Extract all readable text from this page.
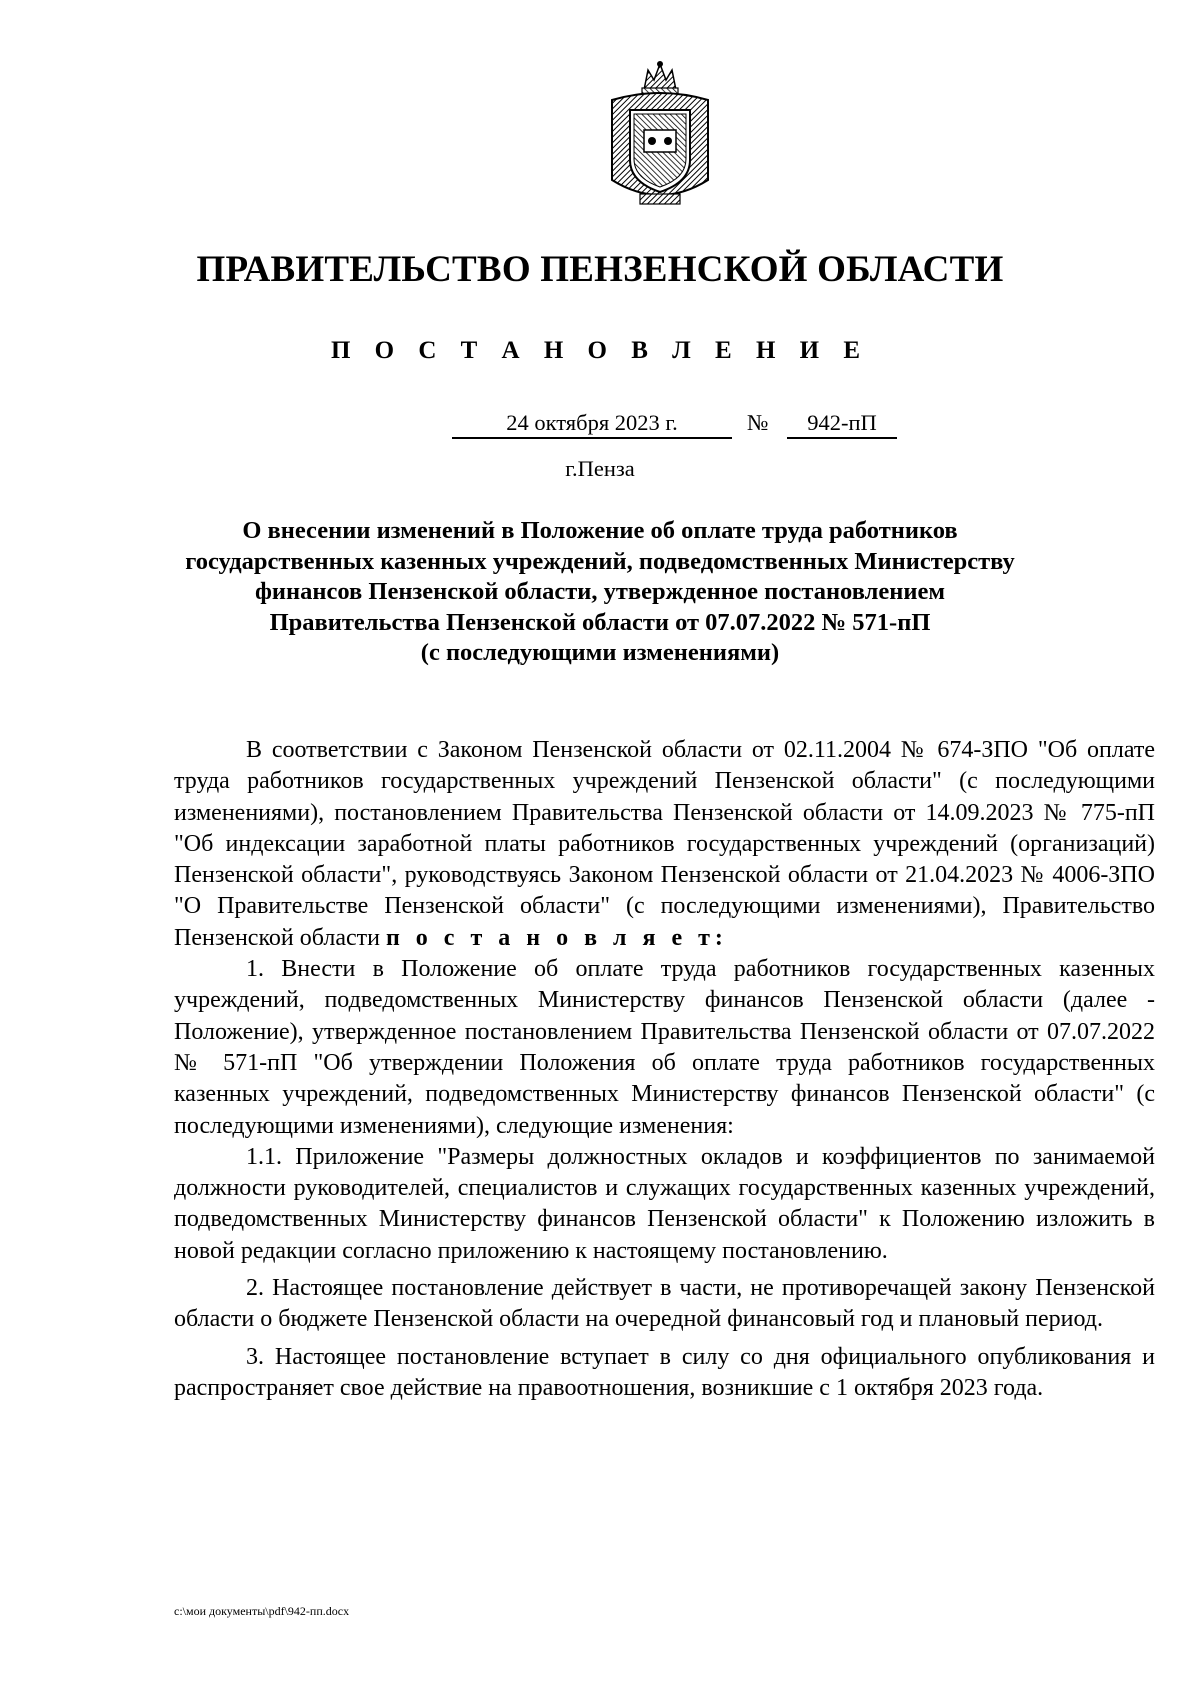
ПРАВИТЕЛЬСТВО ПЕНЗЕНСКОЙ ОБЛАСТИ
П О С Т А Н О В Л Е Н И Е
24 октября 2023 г.	№	942-пП
г.Пенза
О внесении изменений в Положение об оплате труда работников
государственных казенных учреждений, подведомственных Министерству
финансов Пензенской области, утвержденное постановлением
Правительства Пензенской области от 07.07.2022 № 571-пП
(с последующими изменениями)

В соответствии с Законом Пензенской области от 02.11.2004 № 674-ЗПО "Об оплате труда работников государственных учреждений Пензенской области" (с последующими изменениями), постановлением Правительства Пензенской области от 14.09.2023 № 775-пП "Об индексации заработной платы работников государственных учреждений (организаций) Пензенской области", руководствуясь Законом Пензенской области от 21.04.2023 № 4006-ЗПО "О Правительстве Пензенской области" (с последующими изменениями), Правительство Пензенской области п о с т а н о в л я е т:

1. Внести в Положение об оплате труда работников государственных казенных учреждений, подведомственных Министерству финансов Пензенской области (далее - Положение), утвержденное постановлением Правительства Пензенской области от 07.07.2022 № 571-пП "Об утверждении Положения об оплате труда работников государственных казенных учреждений, подведомственных Министерству финансов Пензенской области" (с последующими изменениями), следующие изменения:

1.1. Приложение "Размеры должностных окладов и коэффициентов по занимаемой должности руководителей, специалистов и служащих государственных казенных учреждений, подведомственных Министерству финансов Пензенской области" к Положению изложить в новой редакции согласно приложению к настоящему постановлению.

2. Настоящее постановление действует в части, не противоречащей закону Пензенской области о бюджете Пензенской области на очередной финансовый год и плановый период.

3. Настоящее постановление вступает в силу со дня официального опубликования и распространяет свое действие на правоотношения, возникшие с 1 октября 2023 года.

c:\мои документы\pdf\942-пп.docx
